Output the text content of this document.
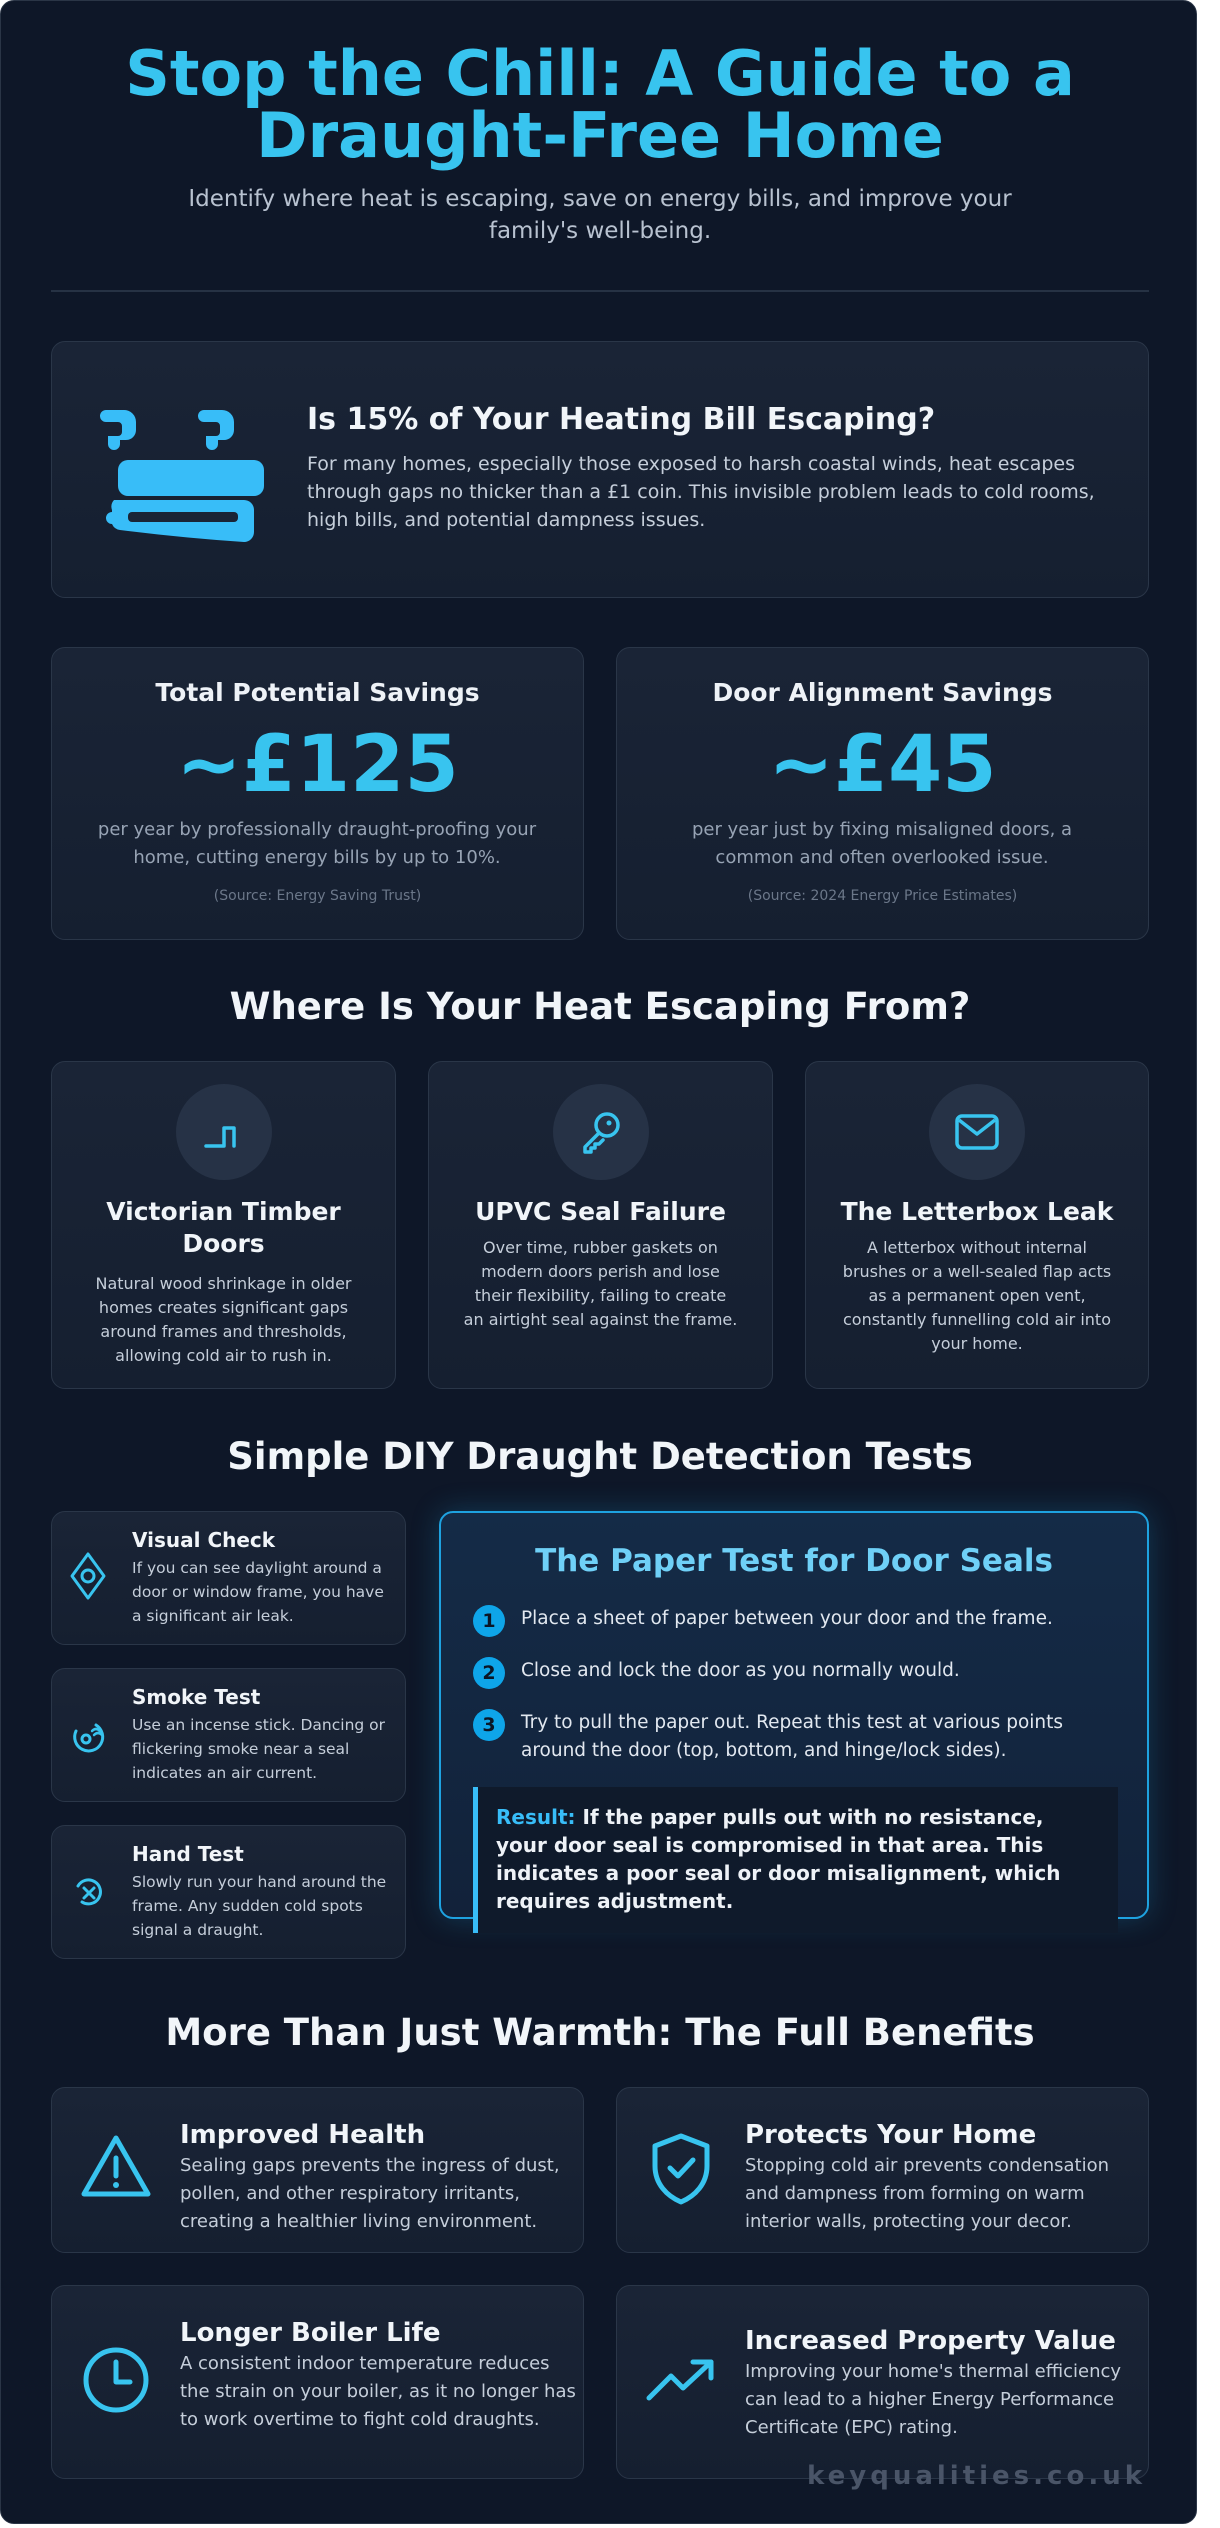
Stop the Chill: A Guide to a Draught-Free Home
Identify where heat is escaping, save on energy bills, and improve your family's well-being.
Is 15% of Your Heating Bill Escaping?
For many homes, especially those exposed to harsh coastal winds, heat escapes through gaps no thicker than a £1 coin. This invisible problem leads to cold rooms, high bills, and potential dampness issues.
Total Potential Savings
~£125
per year by professionally draught-proofing your home, cutting energy bills by up to 10%.
(Source: Energy Saving Trust)
Door Alignment Savings
~£45
per year just by fixing misaligned doors, a common and often overlooked issue.
(Source: 2024 Energy Price Estimates)
Where Is Your Heat Escaping From?
Victorian Timber Doors
Natural wood shrinkage in older homes creates significant gaps around frames and thresholds, allowing cold air to rush in.
UPVC Seal Failure
Over time, rubber gaskets on modern doors perish and lose their flexibility, failing to create an airtight seal against the frame.
The Letterbox Leak
A letterbox without internal brushes or a well-sealed flap acts as a permanent open vent, constantly funnelling cold air into your home.
Simple DIY Draught Detection Tests
Visual Check
If you can see daylight around a door or window frame, you have a significant air leak.
Smoke Test
Use an incense stick. Dancing or flickering smoke near a seal indicates an air current.
Hand Test
Slowly run your hand around the frame. Any sudden cold spots signal a draught.
The Paper Test for Door Seals
1	Place a sheet of paper between your door and the frame.
2	Close and lock the door as you normally would.
3	Try to pull the paper out. Repeat this test at various points around the door (top, bottom, and hinge/lock sides).
Result: If the paper pulls out with no resistance, your door seal is compromised in that area. This indicates a poor seal or door misalignment, which requires adjustment.
More Than Just Warmth: The Full Benefits
Improved Health
Sealing gaps prevents the ingress of dust, pollen, and other respiratory irritants, creating a healthier living environment.
Protects Your Home
Stopping cold air prevents condensation and dampness from forming on warm interior walls, protecting your decor.
Longer Boiler Life
A consistent indoor temperature reduces the strain on your boiler, as it no longer has to work overtime to fight cold draughts.
Increased Property Value
Improving your home's thermal efficiency can lead to a higher Energy Performance Certificate (EPC) rating.
keyqualities.co.uk
